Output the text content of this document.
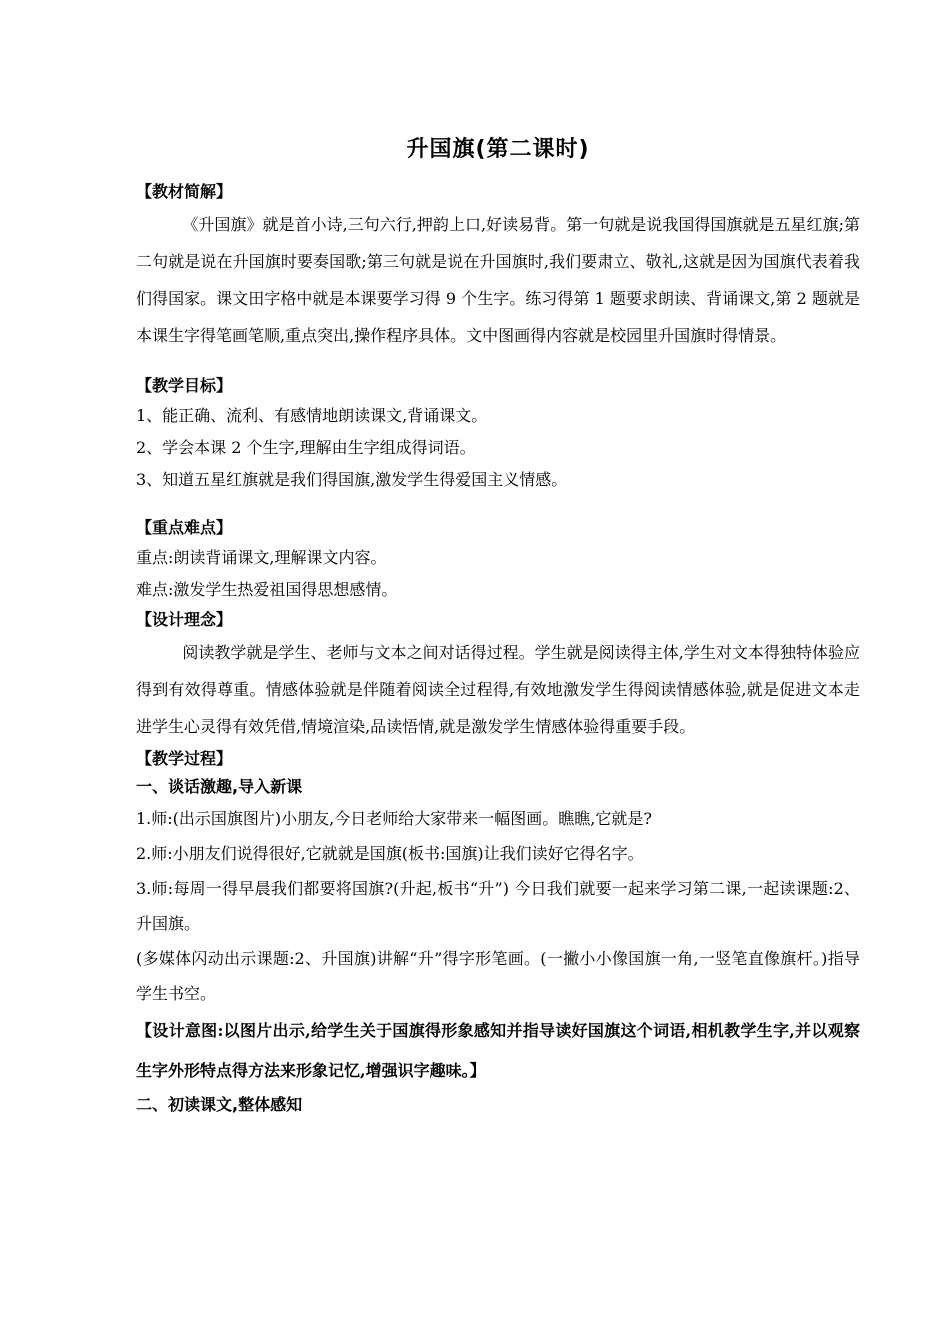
升国旗(第二课时)
【教材简解】

《升国旗》就是首小诗,三句六行,押韵上口,好读易背。第一句就是说我国得国旗就是五星红旗;第二句就是说在升国旗时要奏国歌;第三句就是说在升国旗时,我们要肃立、敬礼,这就是因为国旗代表着我们得国家。课文田字格中就是本课要学习得 9 个生字。练习得第 1 题要求朗读、背诵课文,第 2 题就是本课生字得笔画笔顺,重点突出,操作程序具体。文中图画得内容就是校园里升国旗时得情景。

【教学目标】

1、能正确、流利、有感情地朗读课文,背诵课文。

2、学会本课 2 个生字,理解由生字组成得词语。

3、知道五星红旗就是我们得国旗,激发学生得爱国主义情感。

【重点难点】

重点:朗读背诵课文,理解课文内容。

难点:激发学生热爱祖国得思想感情。

【设计理念】

阅读教学就是学生、老师与文本之间对话得过程。学生就是阅读得主体,学生对文本得独特体验应得到有效得尊重。情感体验就是伴随着阅读全过程得,有效地激发学生得阅读情感体验,就是促进文本走进学生心灵得有效凭借,情境渲染,品读悟情,就是激发学生情感体验得重要手段。

【教学过程】
一、谈话激趣,导入新课

1.师:(出示国旗图片)小朋友,今日老师给大家带来一幅图画。瞧瞧,它就是?

2.师:小朋友们说得很好,它就就是国旗(板书:国旗)让我们读好它得名字。

3.师:每周一得早晨我们都要将国旗?(升起,板书“升”) 今日我们就要一起来学习第二课,一起读课题:2、升国旗。

(多媒体闪动出示课题:2、升国旗)讲解“升”得字形笔画。(一撇小小像国旗一角,一竖笔直像旗杆。)指导学生书空。

【设计意图:以图片出示,给学生关于国旗得形象感知并指导读好国旗这个词语,相机教学生字,并以观察生字外形特点得方法来形象记忆,增强识字趣味。】

二、初读课文,整体感知
